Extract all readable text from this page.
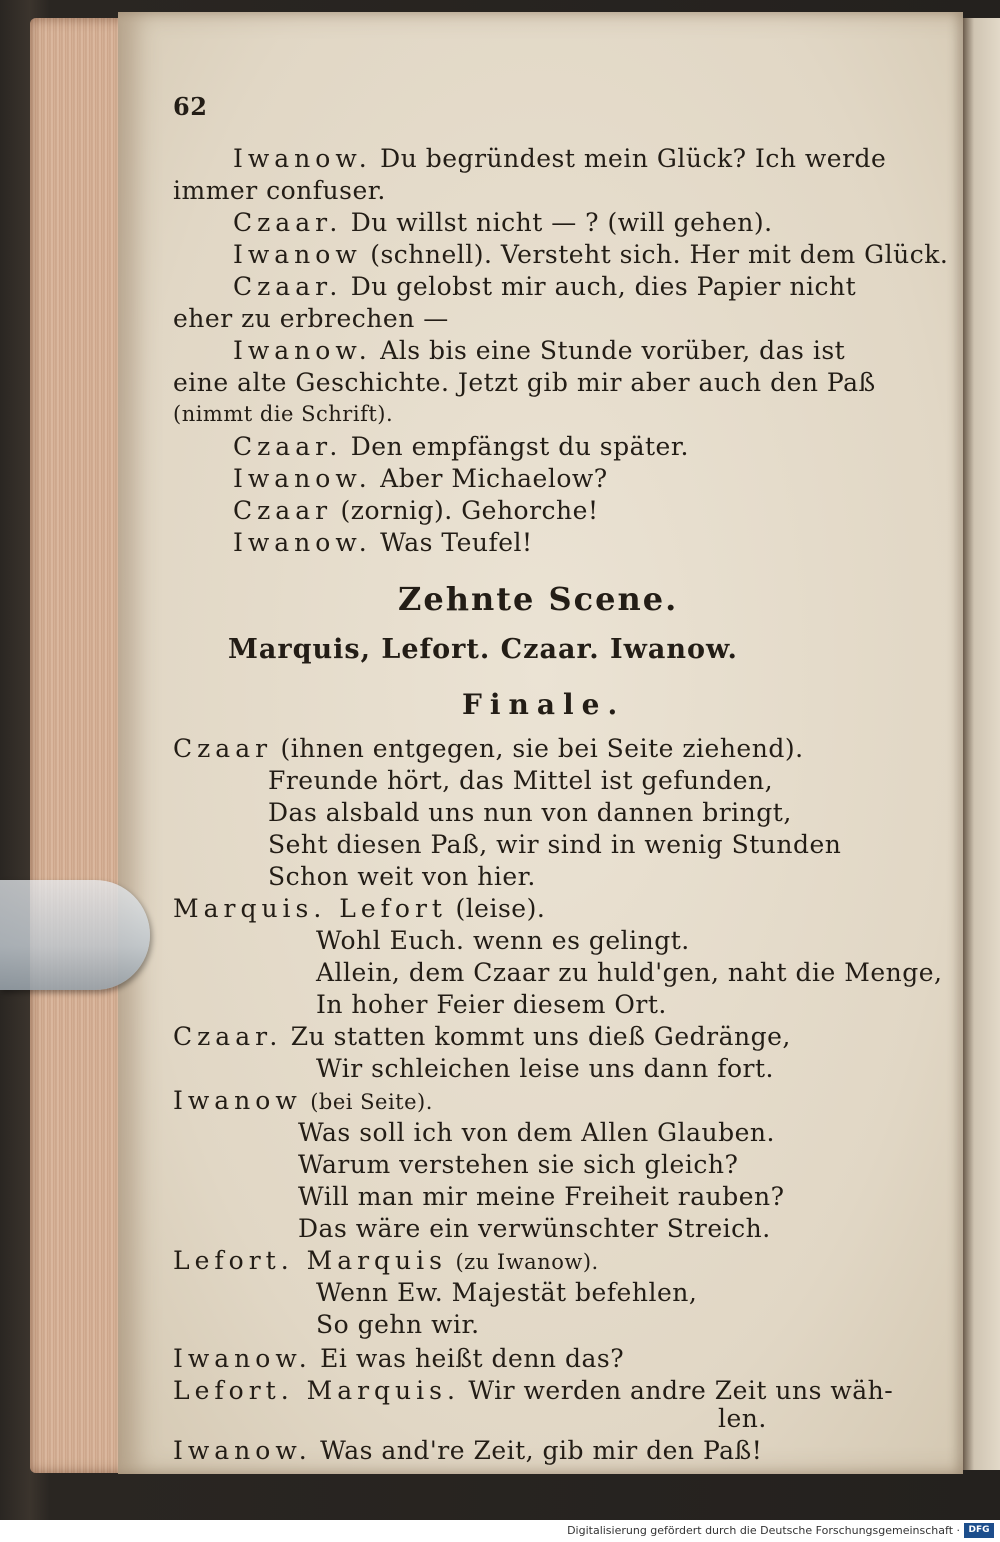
62
Iwanow. Du begründest mein Glück? Ich werde
immer confuser.
Czaar. Du willst nicht — ? (will gehen).
Iwanow (schnell). Versteht sich. Her mit dem Glück.
Czaar. Du gelobst mir auch, dies Papier nicht
eher zu erbrechen —
Iwanow. Als bis eine Stunde vorüber, das ist
eine alte Geschichte. Jetzt gib mir aber auch den Paß
(nimmt die Schrift).
Czaar. Den empfängst du später.
Iwanow. Aber Michaelow?
Czaar (zornig). Gehorche!
Iwanow. Was Teufel!
Zehnte Scene.
Marquis, Lefort. Czaar. Iwanow.
Finale.
Czaar (ihnen entgegen, sie bei Seite ziehend).
Freunde hört, das Mittel ist gefunden,
Das alsbald uns nun von dannen bringt,
Seht diesen Paß, wir sind in wenig Stunden
Schon weit von hier.
Marquis. Lefort (leise).
Wohl Euch. wenn es gelingt.
Allein, dem Czaar zu huld'gen, naht die Menge,
In hoher Feier diesem Ort.
Czaar. Zu statten kommt uns dieß Gedränge,
Wir schleichen leise uns dann fort.
Iwanow (bei Seite).
Was soll ich von dem Allen Glauben.
Warum verstehen sie sich gleich?
Will man mir meine Freiheit rauben?
Das wäre ein verwünschter Streich.
Lefort. Marquis (zu Iwanow).
Wenn Ew. Majestät befehlen,
So gehn wir.
Iwanow. Ei was heißt denn das?
Lefort. Marquis. Wir werden andre Zeit uns wäh-
len.
Iwanow. Was and're Zeit, gib mir den Paß!
Digitalisierung gefördert durch die Deutsche Forschungsgemeinschaft · DFG
